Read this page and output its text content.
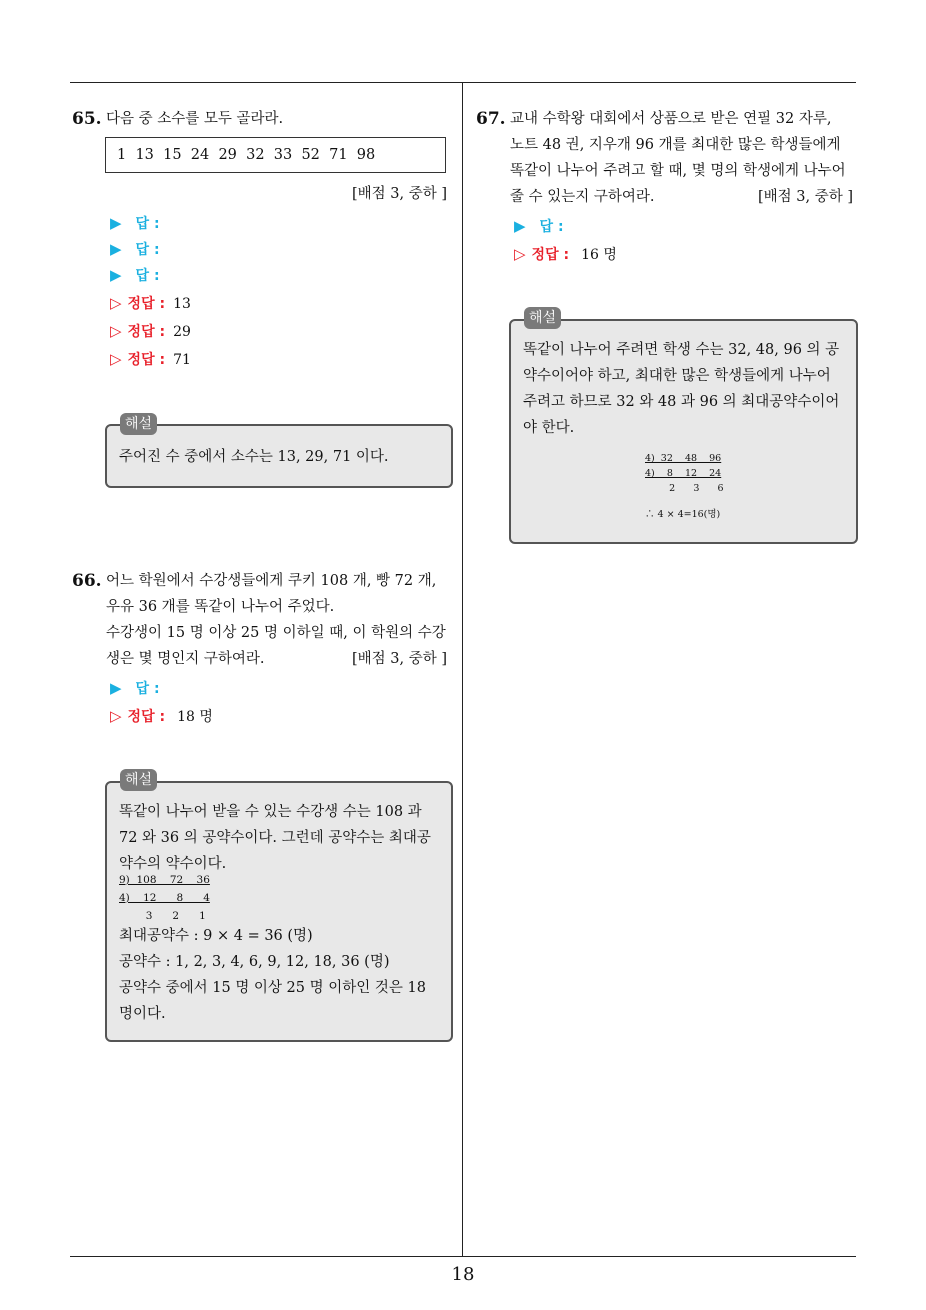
65. 다음 중 소수를 모두 골라라.
1  13  15  24  29  32  33  52  71  98
[배점 3, 중하 ]
▶ 답 :
▶ 답 :
▶ 답 :
▷ 정답 : 13
▷ 정답 : 29
▷ 정답 : 71
주어진 수 중에서 소수는 13, 29, 71 이다.
해설
66. 어느 학원에서 수강생들에게 쿠키 108 개, 빵 72 개,
우유 36 개를 똑같이 나누어 주었다.
수강생이 15 명 이상 25 명 이하일 때, 이 학원의 수강
생은 몇 명인지 구하여라.	[배점 3, 중하 ]
▶ 답 :
▷ 정답 : 18 명
똑같이 나누어 받을 수 있는 수강생 수는 108 과
72 와 36 의 공약수이다. 그런데 공약수는 최대공
약수의 약수이다.
9)  108    72    36
4)    12      8      4
3      2      1
최대공약수 : 9 × 4 = 36 (명)
공약수 : 1, 2, 3, 4, 6, 9, 12, 18, 36 (명)
공약수 중에서 15 명 이상 25 명 이하인 것은 18
명이다.
해설
67. 교내 수학왕 대회에서 상품으로 받은 연필 32 자루,
노트 48 권, 지우개 96 개를 최대한 많은 학생들에게
똑같이 나누어 주려고 할 때, 몇 명의 학생에게 나누어
줄 수 있는지 구하여라.	[배점 3, 중하 ]
▶ 답 :
▷ 정답 : 16 명
똑같이 나누어 주려면 학생 수는 32, 48, 96 의 공
약수이어야 하고, 최대한 많은 학생들에게 나누어
주려고 하므로 32 와 48 과 96 의 최대공약수이어
야 한다.
4)  32    48    96
4)    8    12    24
2      3      6
∴ 4 × 4=16(명)
해설
18
